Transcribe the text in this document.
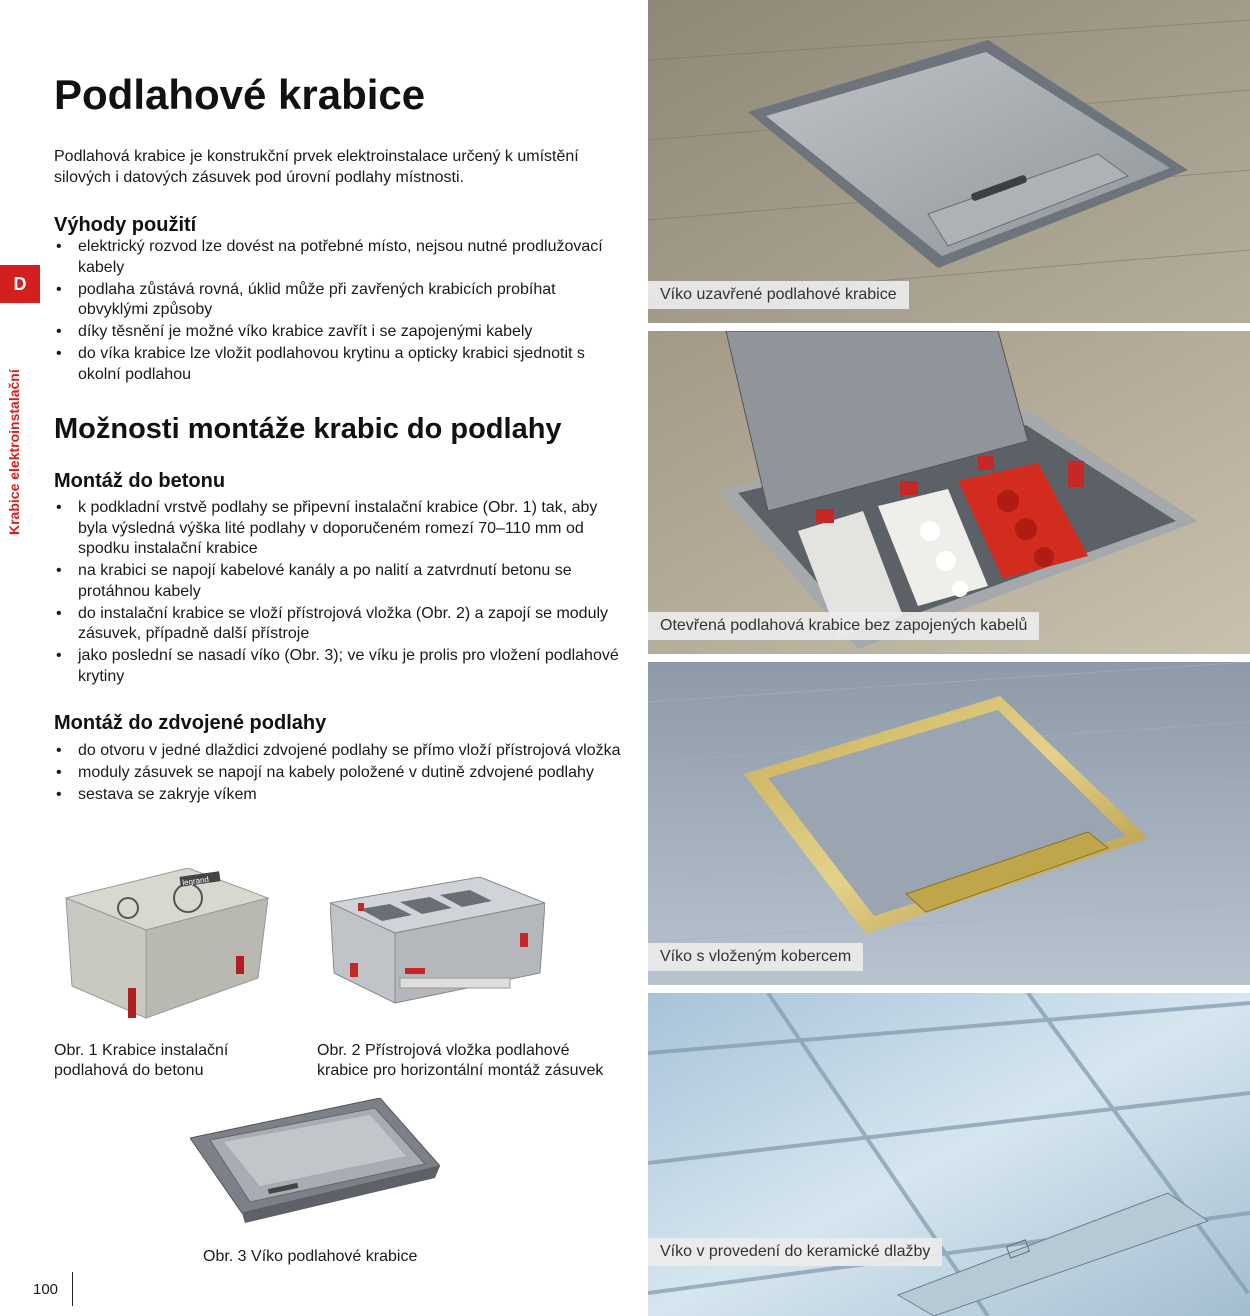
D
Krabice elektroinstalační
Podlahové krabice

Podlahová krabice je konstrukční prvek elektroinstalace určený k umístění silových i datových zásuvek pod úrovní podlahy místnosti.

Výhody použití
• elektrický rozvod lze dovést na potřebné místo, nejsou nutné prodlužovací kabely
• podlaha zůstává rovná, úklid může při zavřených krabicích probíhat obvyklými způsoby
• díky těsnění je možné víko krabice zavřít i se zapojenými kabely
• do víka krabice lze vložit podlahovou krytinu a opticky krabici sjednotit s okolní podlahou
Možnosti montáže krabic do podlahy
Montáž do betonu
• k podkladní vrstvě podlahy se připevní instalační krabice (Obr. 1) tak, aby byla výsledná výška lité podlahy v doporučeném romezí 70–110 mm od spodku instalační krabice
• na krabici se napojí kabelové kanály a po nalití a zatvrdnutí betonu se protáhnou kabely
• do instalační krabice se vloží přístrojová vložka (Obr. 2) a zapojí se moduly zásuvek, případně další přístroje
• jako poslední se nasadí víko (Obr. 3); ve víku je prolis pro vložení podlahové krytiny
Montáž do zdvojené podlahy
• do otvoru v jedné dlaždici zdvojené podlahy se přímo vloží přístrojová vložka
• moduly zásuvek se napojí na kabely položené v dutině zdvojené podlahy
• sestava se zakryje víkem
legrand

Obr. 1 Krabice instalační podlahová do betonu

Obr. 2 Přístrojová vložka podlahové krabice pro horizontální montáž zásuvek

Obr. 3 Víko podlahové krabice

100
Víko uzavřené podlahové krabice
Otevřená podlahová krabice bez zapojených kabelů
Víko s vloženým kobercem
Víko v provedení do keramické dlažby
